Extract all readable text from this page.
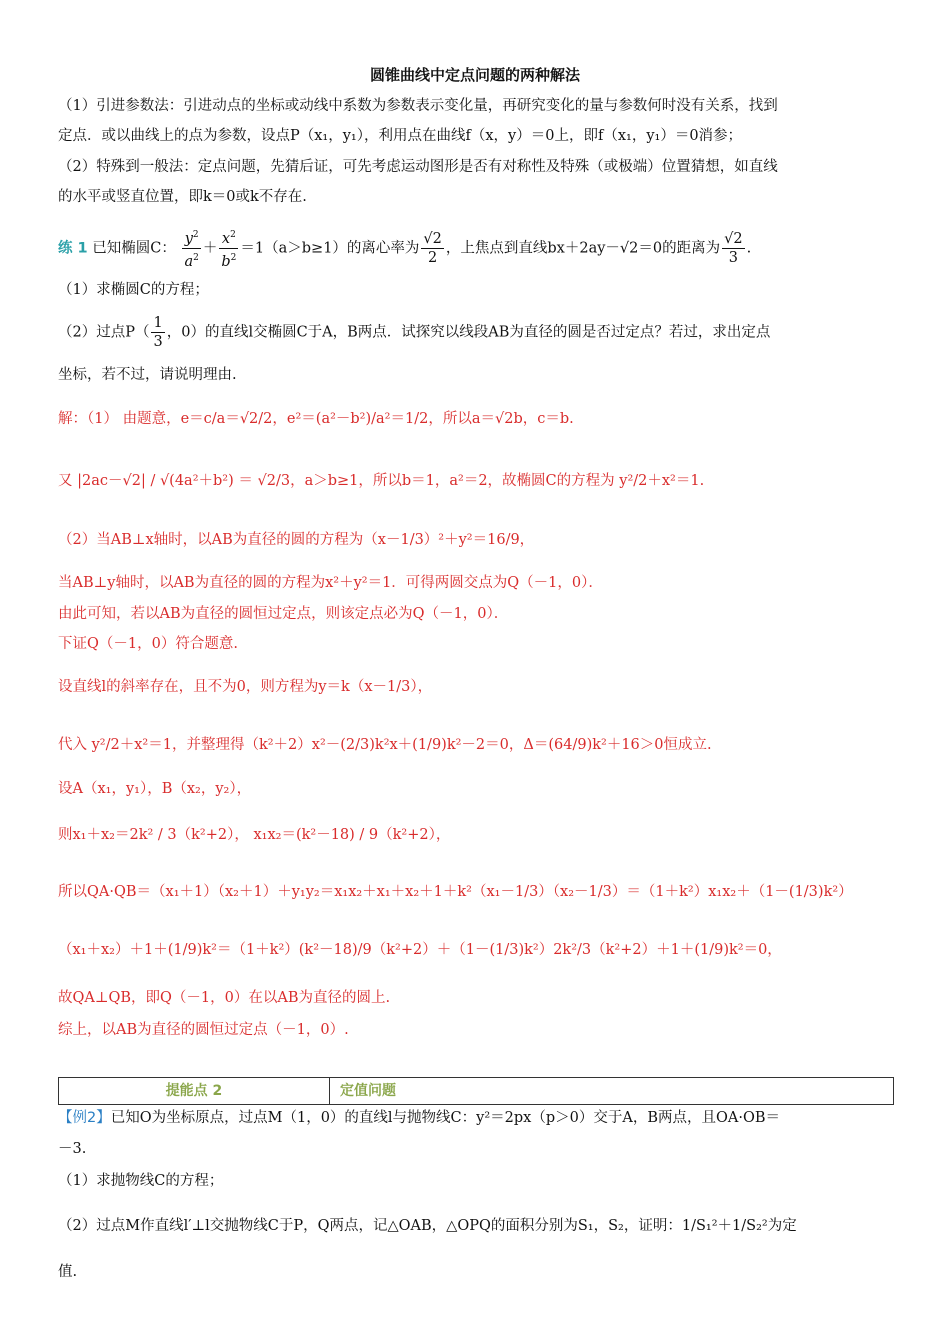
圆锥曲线中定点问题的两种解法
（1）引进参数法：引进动点的坐标或动线中系数为参数表示变化量，再研究变化的量与参数何时没有关系，找到
定点．或以曲线上的点为参数，设点P（x₁，y₁），利用点在曲线f（x，y）＝0上，即f（x₁，y₁）＝0消参；
（2）特殊到一般法：定点问题，先猜后证，可先考虑运动图形是否有对称性及特殊（或极端）位置猜想，如直线
的水平或竖直位置，即k＝0或k不存在.
练 1 已知椭圆C： $\frac{y^2}{a^2} + \frac{x^2}{b^2} =1(a>b\ge 1)$的离心率为 $\frac{√2}{2}$ ，上焦点到直线bx＋2ay－√2＝0的距离为 $\frac{√2}{3}$ .
（1）求椭圆C的方程；
（2）过点$P( \frac{1}{3}$ ，0）的直线l交椭圆C于A，B两点．试探究以线段AB为直径的圆是否过定点？若过，求出定点
坐标，若不过，请说明理由.
解：（1） 由题意，e＝c/a＝√2/2，e²＝(a²－b²)/a²＝1/2，所以a＝√2b，c＝b.
又 |2ac－√2| / √(4a²＋b²) ＝ √2/3，a＞b≥1，所以b＝1，a²＝2，故椭圆C的方程为 y²/2＋x²＝1.
（2）当AB⊥x轴时，以AB为直径的圆的方程为（x－1/3）²＋y²＝16/9，
当AB⊥y轴时，以AB为直径的圆的方程为x²＋y²＝1．可得两圆交点为Q（－1，0）．
由此可知，若以AB为直径的圆恒过定点，则该定点必为Q（－1，0）．
下证Q（－1，0）符合题意.
设直线l的斜率存在，且不为0，则方程为y＝k（x－1/3），
代入 y²/2＋x²＝1，并整理得（k²＋2）x²－(2/3)k²x＋(1/9)k²－2＝0，Δ＝(64/9)k²＋16＞0恒成立.
设A（x₁，y₁），B（x₂，y₂），
则x₁＋x₂＝2k² / 3（k²+2）， x₁x₂＝(k²－18) / 9（k²+2），
所以QA·QB＝（x₁＋1）（x₂＋1）＋y₁y₂＝x₁x₂＋x₁＋x₂＋1＋k²（x₁－1/3）（x₂－1/3）＝（1＋k²）x₁x₂＋（1－(1/3)k²）
（x₁＋x₂）＋1＋(1/9)k²＝（1＋k²）(k²－18)/9（k²+2）＋（1－(1/3)k²）2k²/3（k²+2）＋1＋(1/9)k²＝0，
故QA⊥QB，即Q（－1，0）在以AB为直径的圆上.
综上，以AB为直径的圆恒过定点（－1，0）.
提能点 2	定值问题
【例2】已知O为坐标原点，过点M（1，0）的直线l与抛物线C：y²＝2px（p＞0）交于A，B两点，且OA·OB＝
－3.
（1）求抛物线C的方程；
（2）过点M作直线l′⊥l交抛物线C于P，Q两点，记△OAB，△OPQ的面积分别为S₁，S₂，证明：1/S₁²＋1/S₂²为定
值.
